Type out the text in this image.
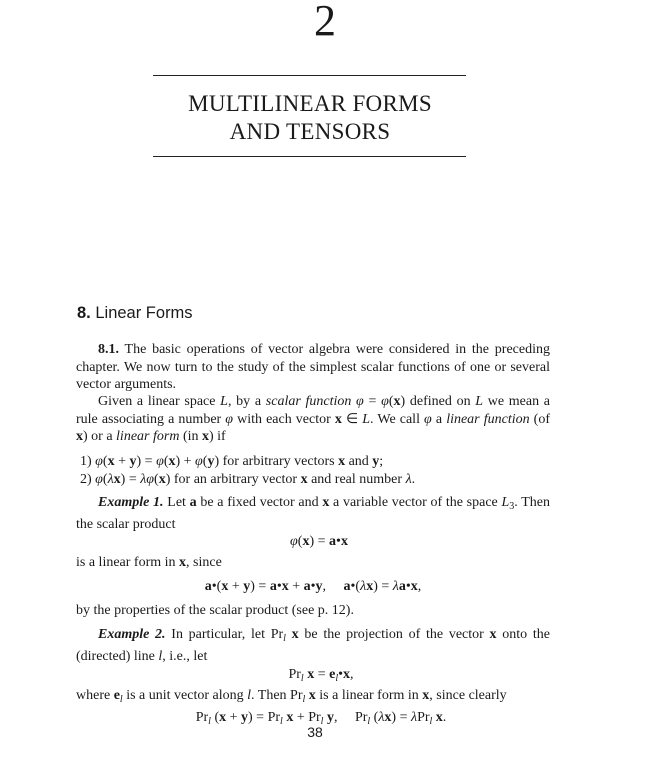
2
MULTILINEAR FORMS
AND TENSORS
8. Linear Forms

8.1. The basic operations of vector algebra were considered in the preceding chapter. We now turn to the study of the simplest scalar functions of one or several vector arguments.

Given a linear space L, by a scalar function φ = φ(x) defined on L we mean a rule associating a number φ with each vector x ∈ L. We call φ a linear function (of x) or a linear form (in x) if

1) φ(x + y) = φ(x) + φ(y) for arbitrary vectors x and y;
2) φ(λx) = λφ(x) for an arbitrary vector x and real number λ.

Example 1. Let a be a fixed vector and x a variable vector of the space $L_3$. Then the scalar product

φ(x) = a•x

is a linear form in x, since

a•(x + y) = a•x + a•y,     a•(λx) = λa•x,

by the properties of the scalar product (see p. 12).

Example 2. In particular, let $Pr_l$ x be the projection of the vector x onto the (directed) line l, i.e., let

$Pr_l$ $x = e_l•x$,

where $e_l$ is a unit vector along l. Then $Pr_l$ x is a linear form in x, since clearly

$Pr_l$ $(x + y) = Pr_l$ $x + Pr_l$ y,     $Pr_l$ (λx) = λPr$_l$ x.
38
